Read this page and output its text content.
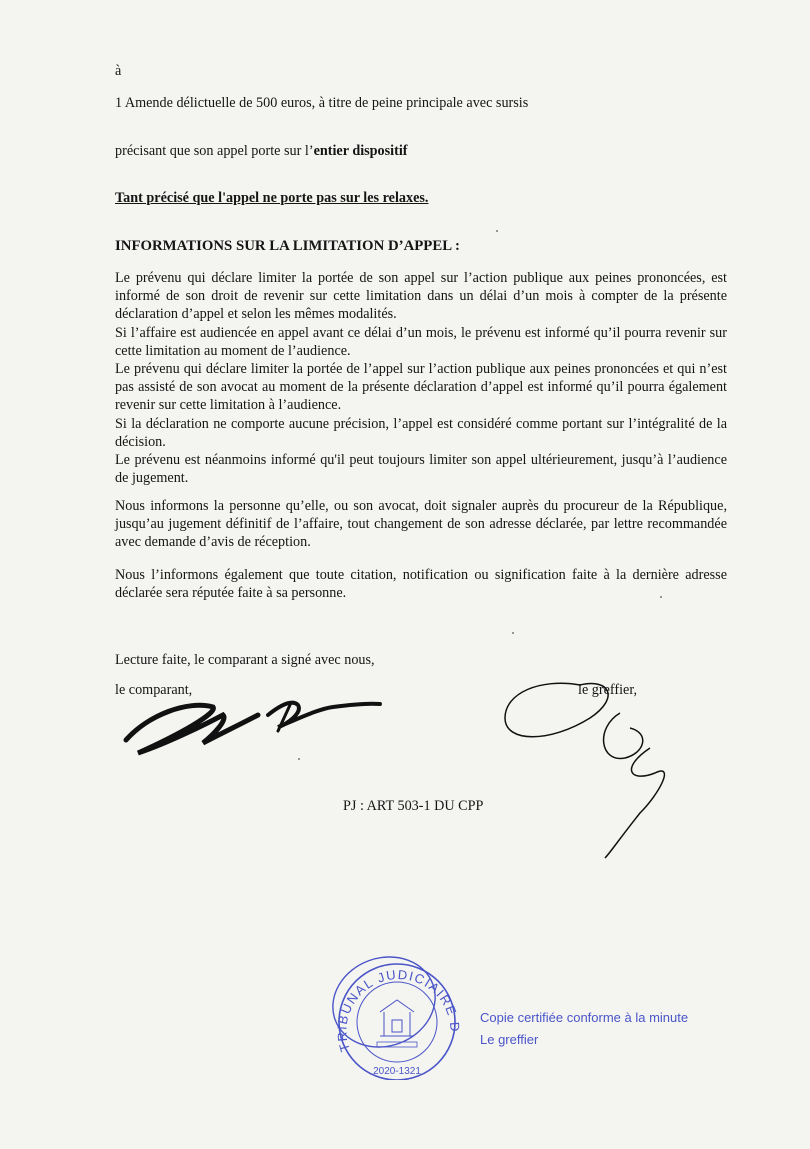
à
1 Amende délictuelle de 500 euros, à titre de peine principale avec sursis
précisant que son appel porte sur l’entier dispositif
Tant précisé que l'appel ne porte pas sur les relaxes.
INFORMATIONS SUR LA LIMITATION D’APPEL :

Le prévenu qui déclare limiter la portée de son appel sur l’action publique aux peines prononcées, est informé de son droit de revenir sur cette limitation dans un délai d’un mois à compter de la présente déclaration d’appel et selon les mêmes modalités.

Si l’affaire est audiencée en appel avant ce délai d’un mois, le prévenu est informé qu’il pourra revenir sur cette limitation au moment de l’audience.

Le prévenu qui déclare limiter la portée de l’appel sur l’action publique aux peines prononcées et qui n’est pas assisté de son avocat au moment de la présente déclaration d’appel est informé qu’il pourra également revenir sur cette limitation à l’audience.

Si la déclaration ne comporte aucune précision, l’appel est considéré comme portant sur l’intégralité de la décision.

Le prévenu est néanmoins informé qu'il peut toujours limiter son appel ultérieurement, jusqu’à l’audience de jugement.

Nous informons la personne qu’elle, ou son avocat, doit signaler auprès du procureur de la République, jusqu’au jugement définitif de l’affaire, tout changement de son adresse déclarée, par lettre recommandée avec demande d’avis de réception.
Nous l’informons également que toute citation, notification ou signification faite à la dernière adresse déclarée sera réputée faite à sa personne.
Lecture faite, le comparant a signé avec nous,
le comparant,	le greffier,
PJ : ART 503-1 DU CPP
TRIBUNAL JUDICIAIRE D
2020-1321
Copie certifiée conforme à la minute
Le greffier
